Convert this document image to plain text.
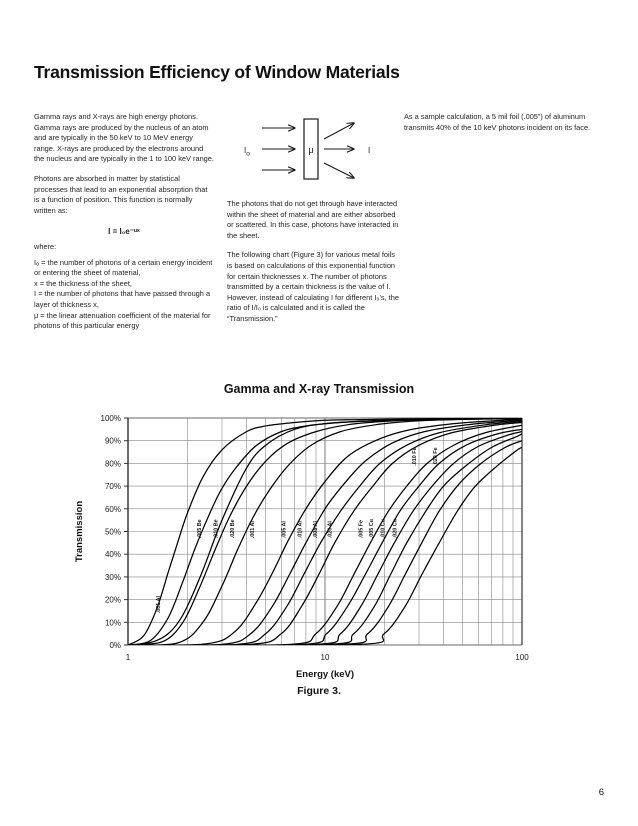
Transmission Efficiency of Window Materials

Gamma rays and X-rays are high energy photons. Gamma rays are produced by the nucleus of an atom and are typically in the 50 keV to 10 MeV energy range. X-rays are produced by the electrons around the nucleus and are typically in the 1 to 100 keV range.

Photons are absorbed in matter by statistical processes that lead to an exponential absorption that is a function of position. This function is normally written as:

I = I₀e⁻ᵘˣ

where:

I₀ = the number of photons of a certain energy incident or entering the sheet of material,
x = the thickness of the sheet,
I = the number of photons that have passed through a layer of thickness x,
μ = the linear attenuation coefficient of the material for photons of this particular energy
$I_o$	μ	I

The photons that do not get through have interacted within the sheet of material and are either absorbed or scattered. In this case, photons have interacted in the sheet.

The following chart (Figure 3) for various metal foils is based on calculations of this exponential function for certain thicknesses x. The number of photons transmitted by a certain thickness is the value of I. However, instead of calculating I for different I₀'s, the ratio of I/I₀ is calculated and it is called the “Transmission.”

As a sample calculation, a 5 mil foil (.005”) of aluminum transmits 40% of the 10 keV photons incident on its face.

Gamma and X-ray Transmission
0%
10%
20%
30%
40%
50%
60%
70%
80%
90%
100%
1	10	100
Transmission
Energy (keV)
.001 Al
.005 Be .010 Be .020 Be	.001 Al	.005 Al .010 Al .008 Al .020 Al	.005 Fe .005 Cu .010 Cu .020 Cu
.010 Fe	.020 Fe
Figure 3.
6
